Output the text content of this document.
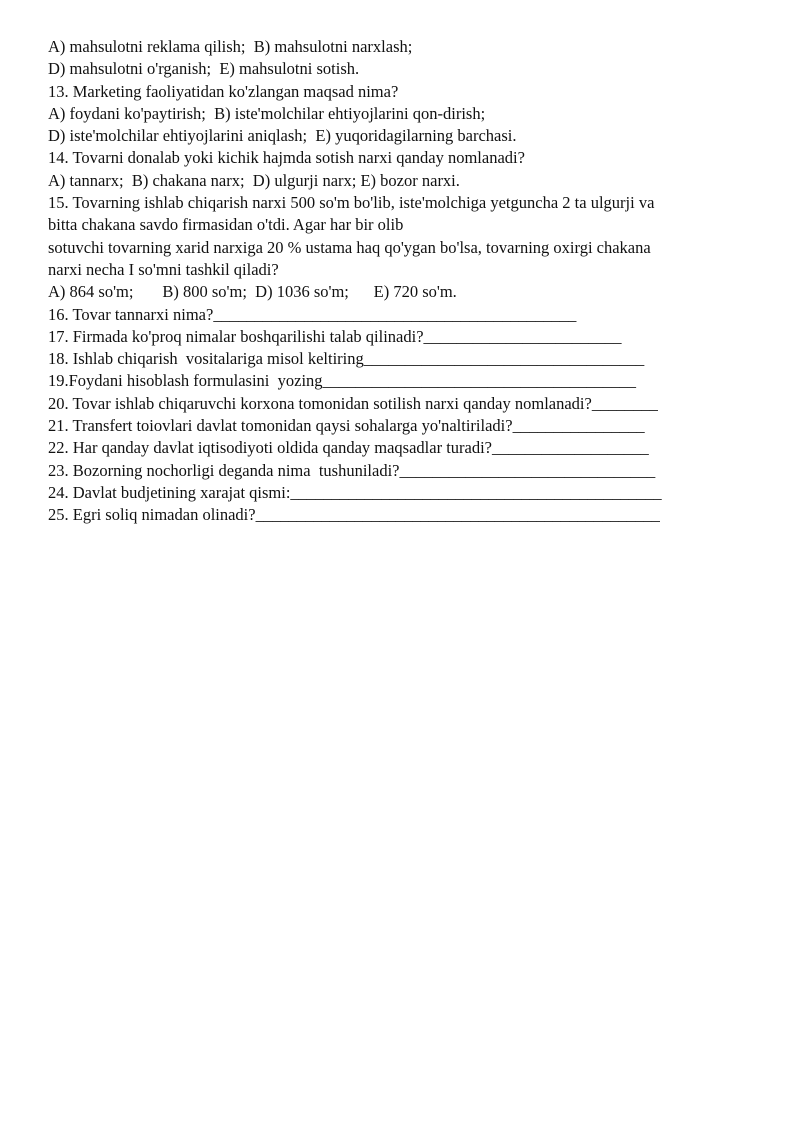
A) mahsulotni reklama qilish;  B) mahsulotni narxlash;
D) mahsulotni o'rganish;  E) mahsulotni sotish.
13. Marketing faoliyatidan ko'zlangan maqsad nima?
A) foydani ko'paytirish;  B) iste'molchilar ehtiyojlarini qon-dirish;
D) iste'molchilar ehtiyojlarini aniqlash;  E) yuqoridagilarning barchasi.
14. Tovarni donalab yoki kichik hajmda sotish narxi qanday nomlanadi?
A) tannarx;  B) chakana narx;  D) ulgurji narx; E) bozor narxi.
15. Tovarning ishlab chiqarish narxi 500 so'm bo'lib, iste'molchiga yetguncha 2 ta ulgurji va
bitta chakana savdo firmasidan o'tdi. Agar har bir olib
sotuvchi tovarning xarid narxiga 20 % ustama haq qo'ygan bo'lsa, tovarning oxirgi chakana
narxi necha I so'mni tashkil qiladi?
A) 864 so'm;       B) 800 so'm;  D) 1036 so'm;      E) 720 so'm.
16. Tovar tannarxi nima?____________________________________________
17. Firmada ko'proq nimalar boshqarilishi talab qilinadi?________________________
18. Ishlab chiqarish  vositalariga misol keltiring__________________________________
19.Foydani hisoblash formulasini  yozing______________________________________
20. Tovar ishlab chiqaruvchi korxona tomonidan sotilish narxi qanday nomlanadi?________
21. Transfert toiovlari davlat tomonidan qaysi sohalarga yo'naltiriladi?________________
22. Har qanday davlat iqtisodiyoti oldida qanday maqsadlar turadi?___________________
23. Bozorning nochorligi deganda nima  tushuniladi?_______________________________
24. Davlat budjetining xarajat qismi:_____________________________________________
25. Egri soliq nimadan olinadi?_________________________________________________
